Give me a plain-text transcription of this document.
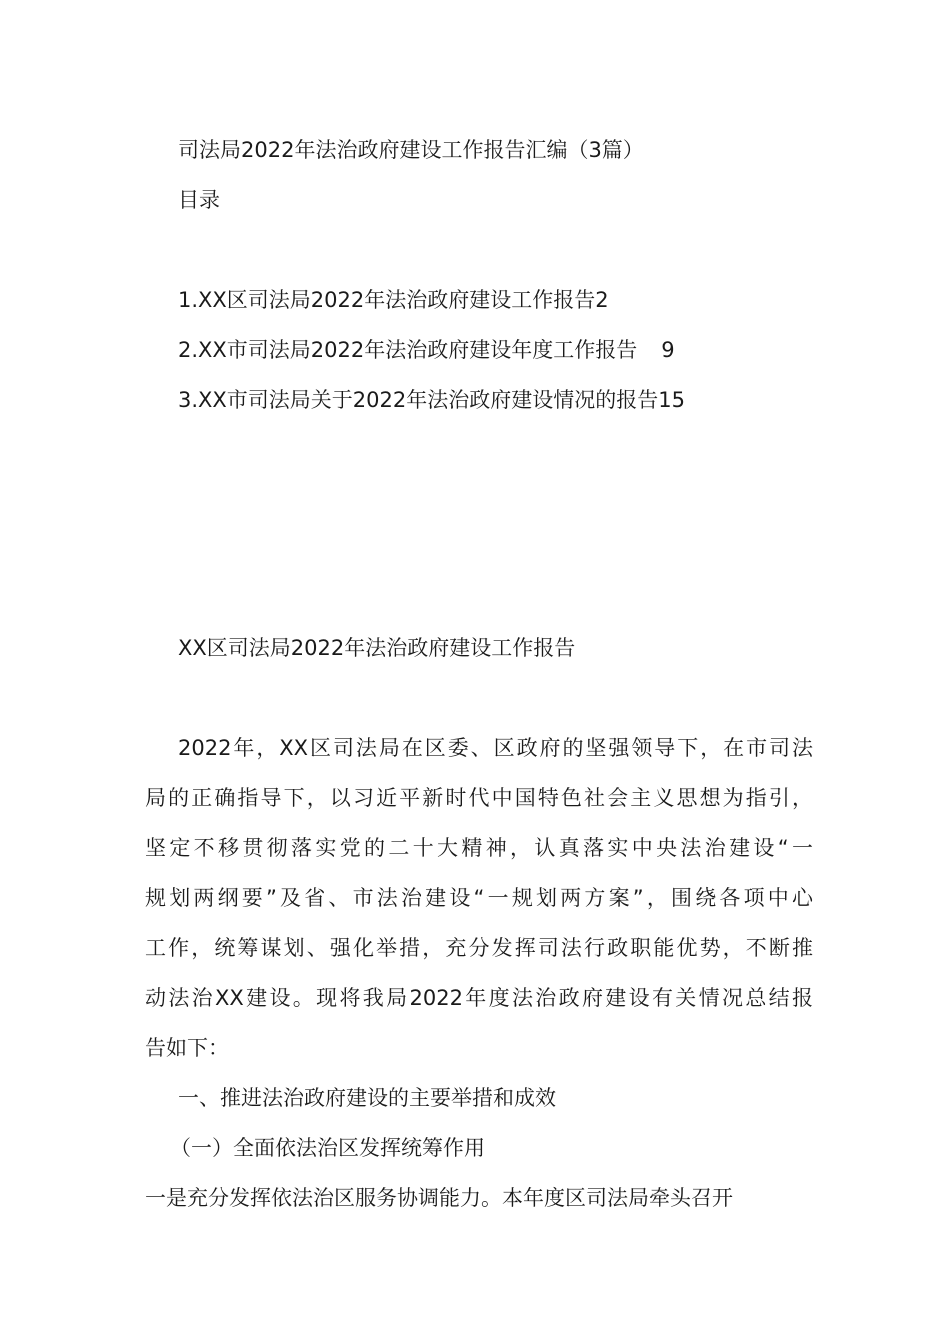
司法局2022年法治政府建设工作报告汇编（3篇）
目录
1.XX区司法局2022年法治政府建设工作报告2
2.XX市司法局2022年法治政府建设年度工作报告 9
3.XX市司法局关于2022年法治政府建设情况的报告15
XX区司法局2022年法治政府建设工作报告
2022年，XX区司法局在区委、区政府的坚强领导下，在市司法
局的正确指导下，以习近平新时代中国特色社会主义思想为指引，
坚定不移贯彻落实党的二十大精神，认真落实中央法治建设“一
规划两纲要”及省、市法治建设“一规划两方案”，围绕各项中心
工作，统筹谋划、强化举措，充分发挥司法行政职能优势，不断推
动法治XX建设。现将我局2022年度法治政府建设有关情况总结报
告如下：
一、推进法治政府建设的主要举措和成效
（一）全面依法治区发挥统筹作用
一是充分发挥依法治区服务协调能力。本年度区司法局牵头召开
